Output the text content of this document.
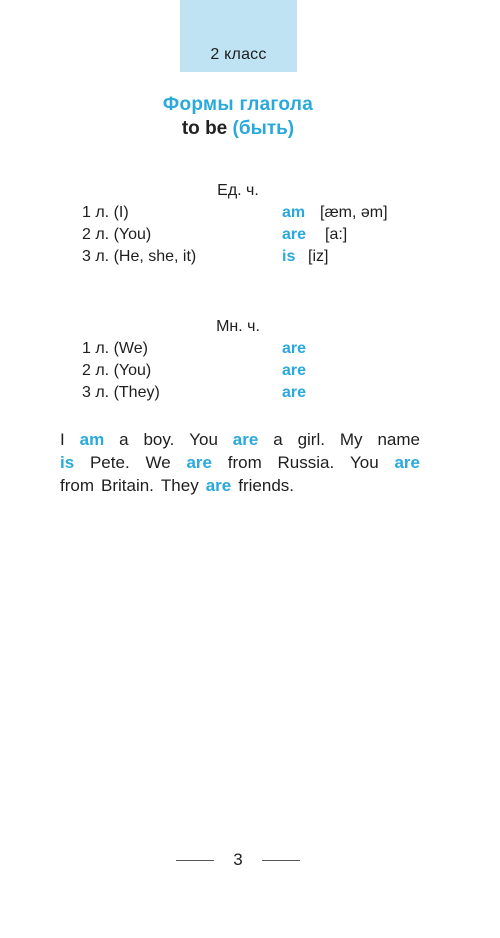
2 класс
Формы глагола
to be (быть)
Ед. ч.
1 л. (I)	am [æm, əm]
2 л. (You)	are [a:]
3 л. (He, she, it)	is [iz]
Мн. ч.
1 л. (We)	are
2 л. (You)	are
3 л. (They)	are
I am a boy. You are a girl. My name
is Pete. We are from Russia. You are
from Britain. They are friends.
3
